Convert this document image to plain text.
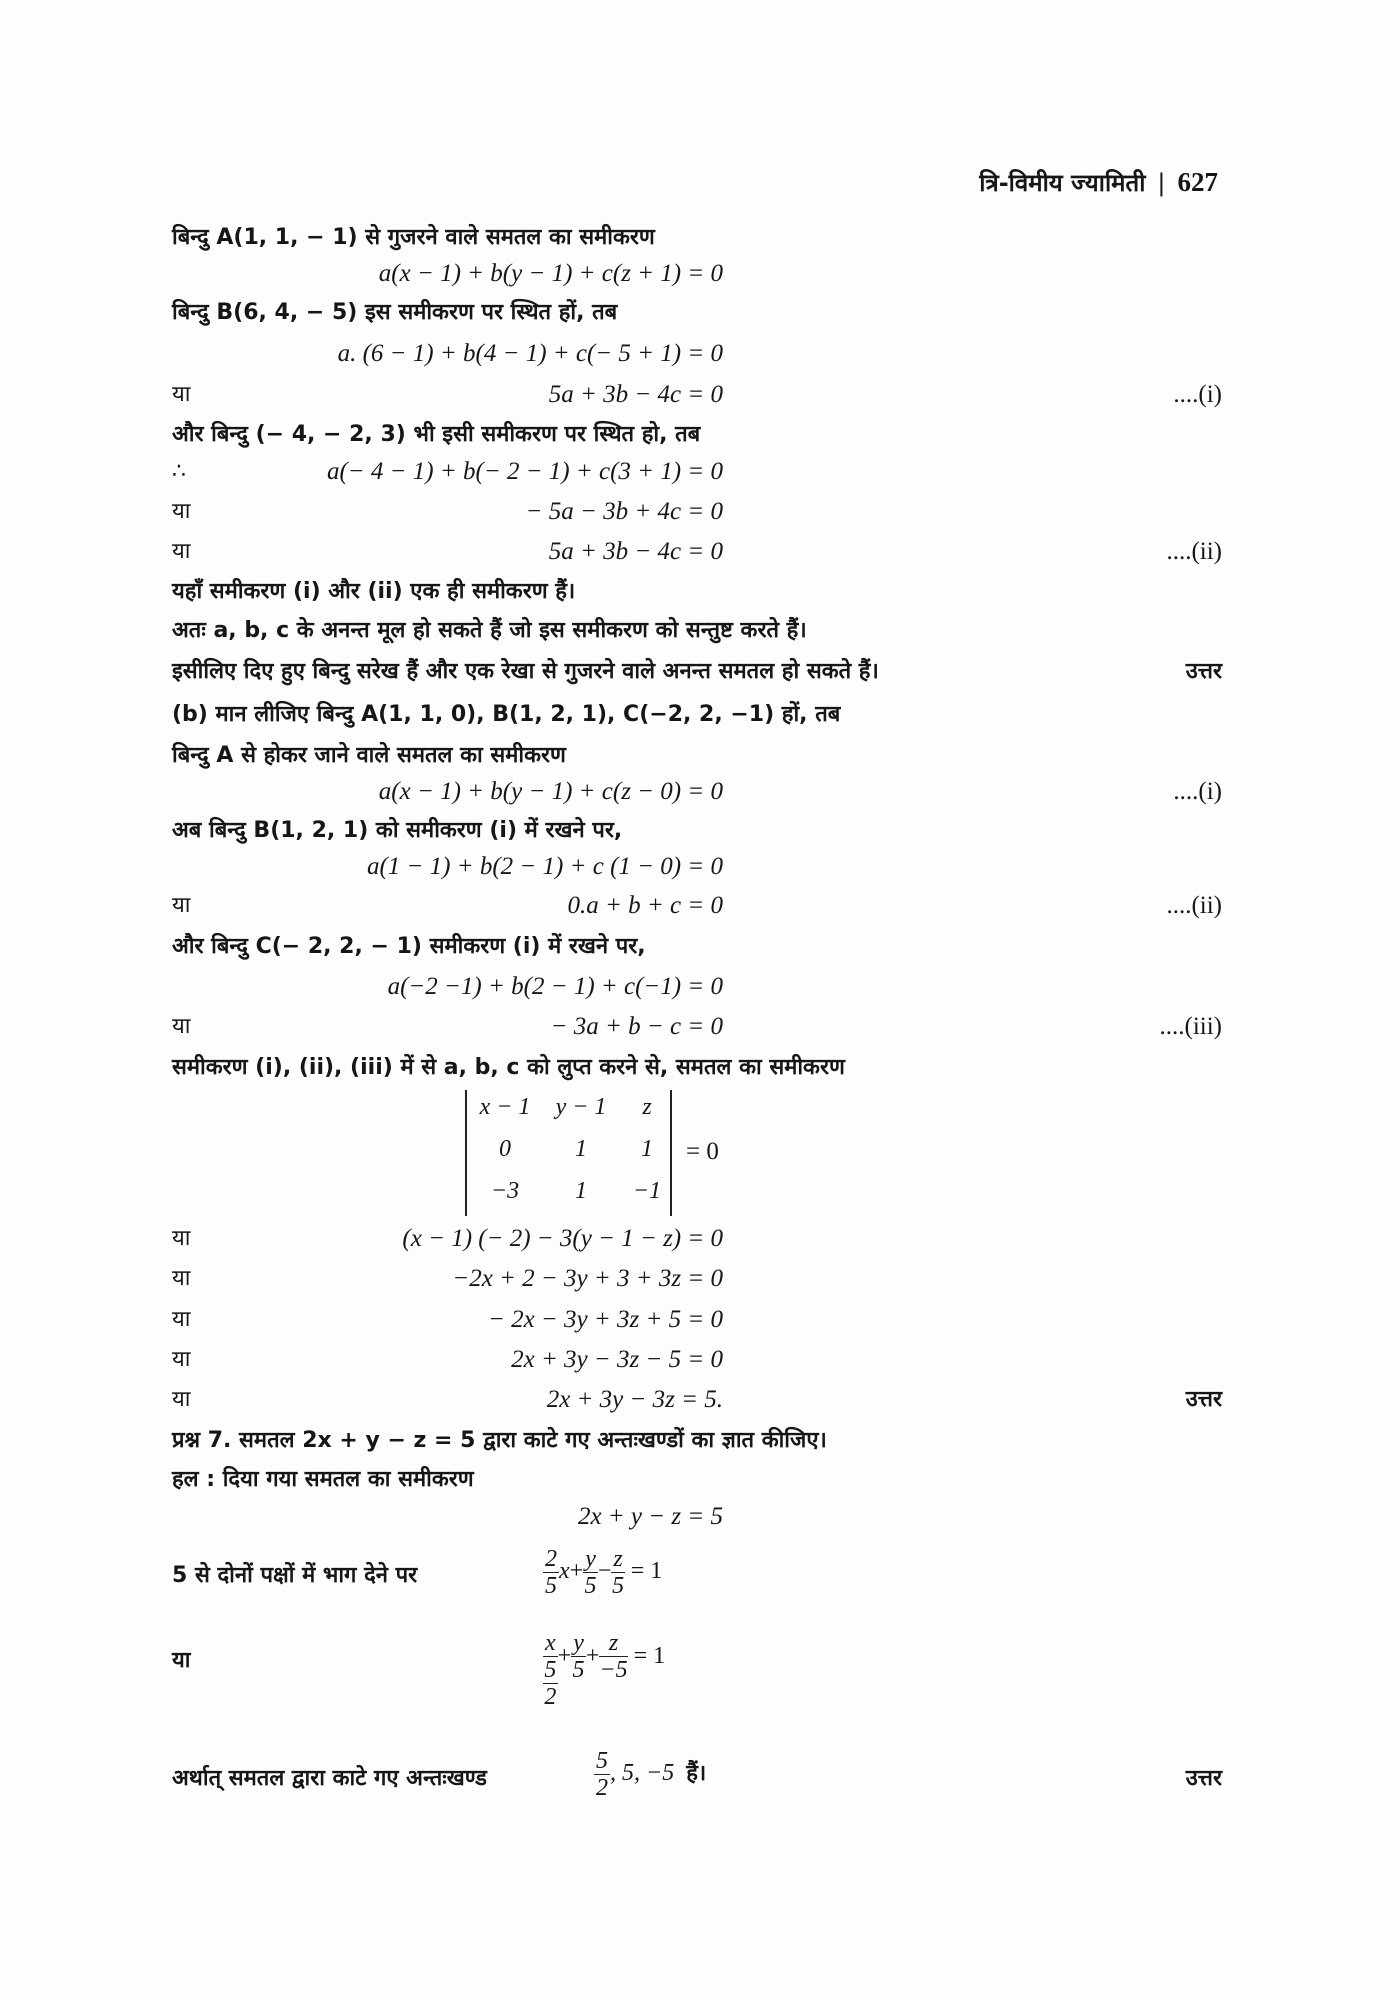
त्रि-विमीय ज्यामिती | 627
बिन्दु A(1, 1, − 1) से गुजरने वाले समतल का समीकरण
a(x − 1) + b(y − 1) + c(z + 1) = 0
बिन्दु B(6, 4, − 5) इस समीकरण पर स्थित हों, तब
a. (6 − 1) + b(4 − 1) + c(− 5 + 1) = 0
या	5a + 3b − 4c = 0	....(i)
और बिन्दु (− 4, − 2, 3) भी इसी समीकरण पर स्थित हो, तब
∴	a(− 4 − 1) + b(− 2 − 1) + c(3 + 1) = 0
या	− 5a − 3b + 4c = 0
या	5a + 3b − 4c = 0	....(ii)
यहाँ समीकरण (i) और (ii) एक ही समीकरण हैं।
अतः a, b, c के अनन्त मूल हो सकते हैं जो इस समीकरण को सन्तुष्ट करते हैं।
इसीलिए दिए हुए बिन्दु सरेख हैं और एक रेखा से गुजरने वाले अनन्त समतल हो सकते हैं।	उत्तर
(b) मान लीजिए बिन्दु A(1, 1, 0), B(1, 2, 1), C(−2, 2, −1) हों, तब
बिन्दु A से होकर जाने वाले समतल का समीकरण
a(x − 1) + b(y − 1) + c(z − 0) = 0	....(i)
अब बिन्दु B(1, 2, 1) को समीकरण (i) में रखने पर,
a(1 − 1) + b(2 − 1) + c (1 − 0) = 0
या	0.a + b + c = 0	....(ii)
और बिन्दु C(− 2, 2, − 1) समीकरण (i) में रखने पर,
a(−2 −1) + b(2 − 1) + c(−1) = 0
या	− 3a + b − c = 0	....(iii)
समीकरण (i), (ii), (iii) में से a, b, c को लुप्त करने से, समतल का समीकरण
या	(x − 1) (− 2) − 3(y − 1 − z) = 0
या	−2x + 2 − 3y + 3 + 3z = 0
या	− 2x − 3y + 3z + 5 = 0
या	2x + 3y − 3z − 5 = 0
या	2x + 3y − 3z = 5.	उत्तर
प्रश्न 7. समतल 2x + y − z = 5 द्वारा काटे गए अन्तःखण्डों का ज्ञात कीजिए।
हल : दिया गया समतल का समीकरण
2x + y − z = 5
x − 1 y − 1	z
0	1	1
−3	1	−1
= 0
5 से दोनों पक्षों में भाग देने पर	$\frac{2}{5} x+ \frac{y}{5} - \frac{z}{5} = 1$
या
x
5
2
+ $\frac{y}{5} + \frac{z}{-5} = 1$
अर्थात् समतल द्वारा काटे गए अन्तःखण्ड	उत्तर
$\frac{5}{2}$ , 5, −5 हैं।
